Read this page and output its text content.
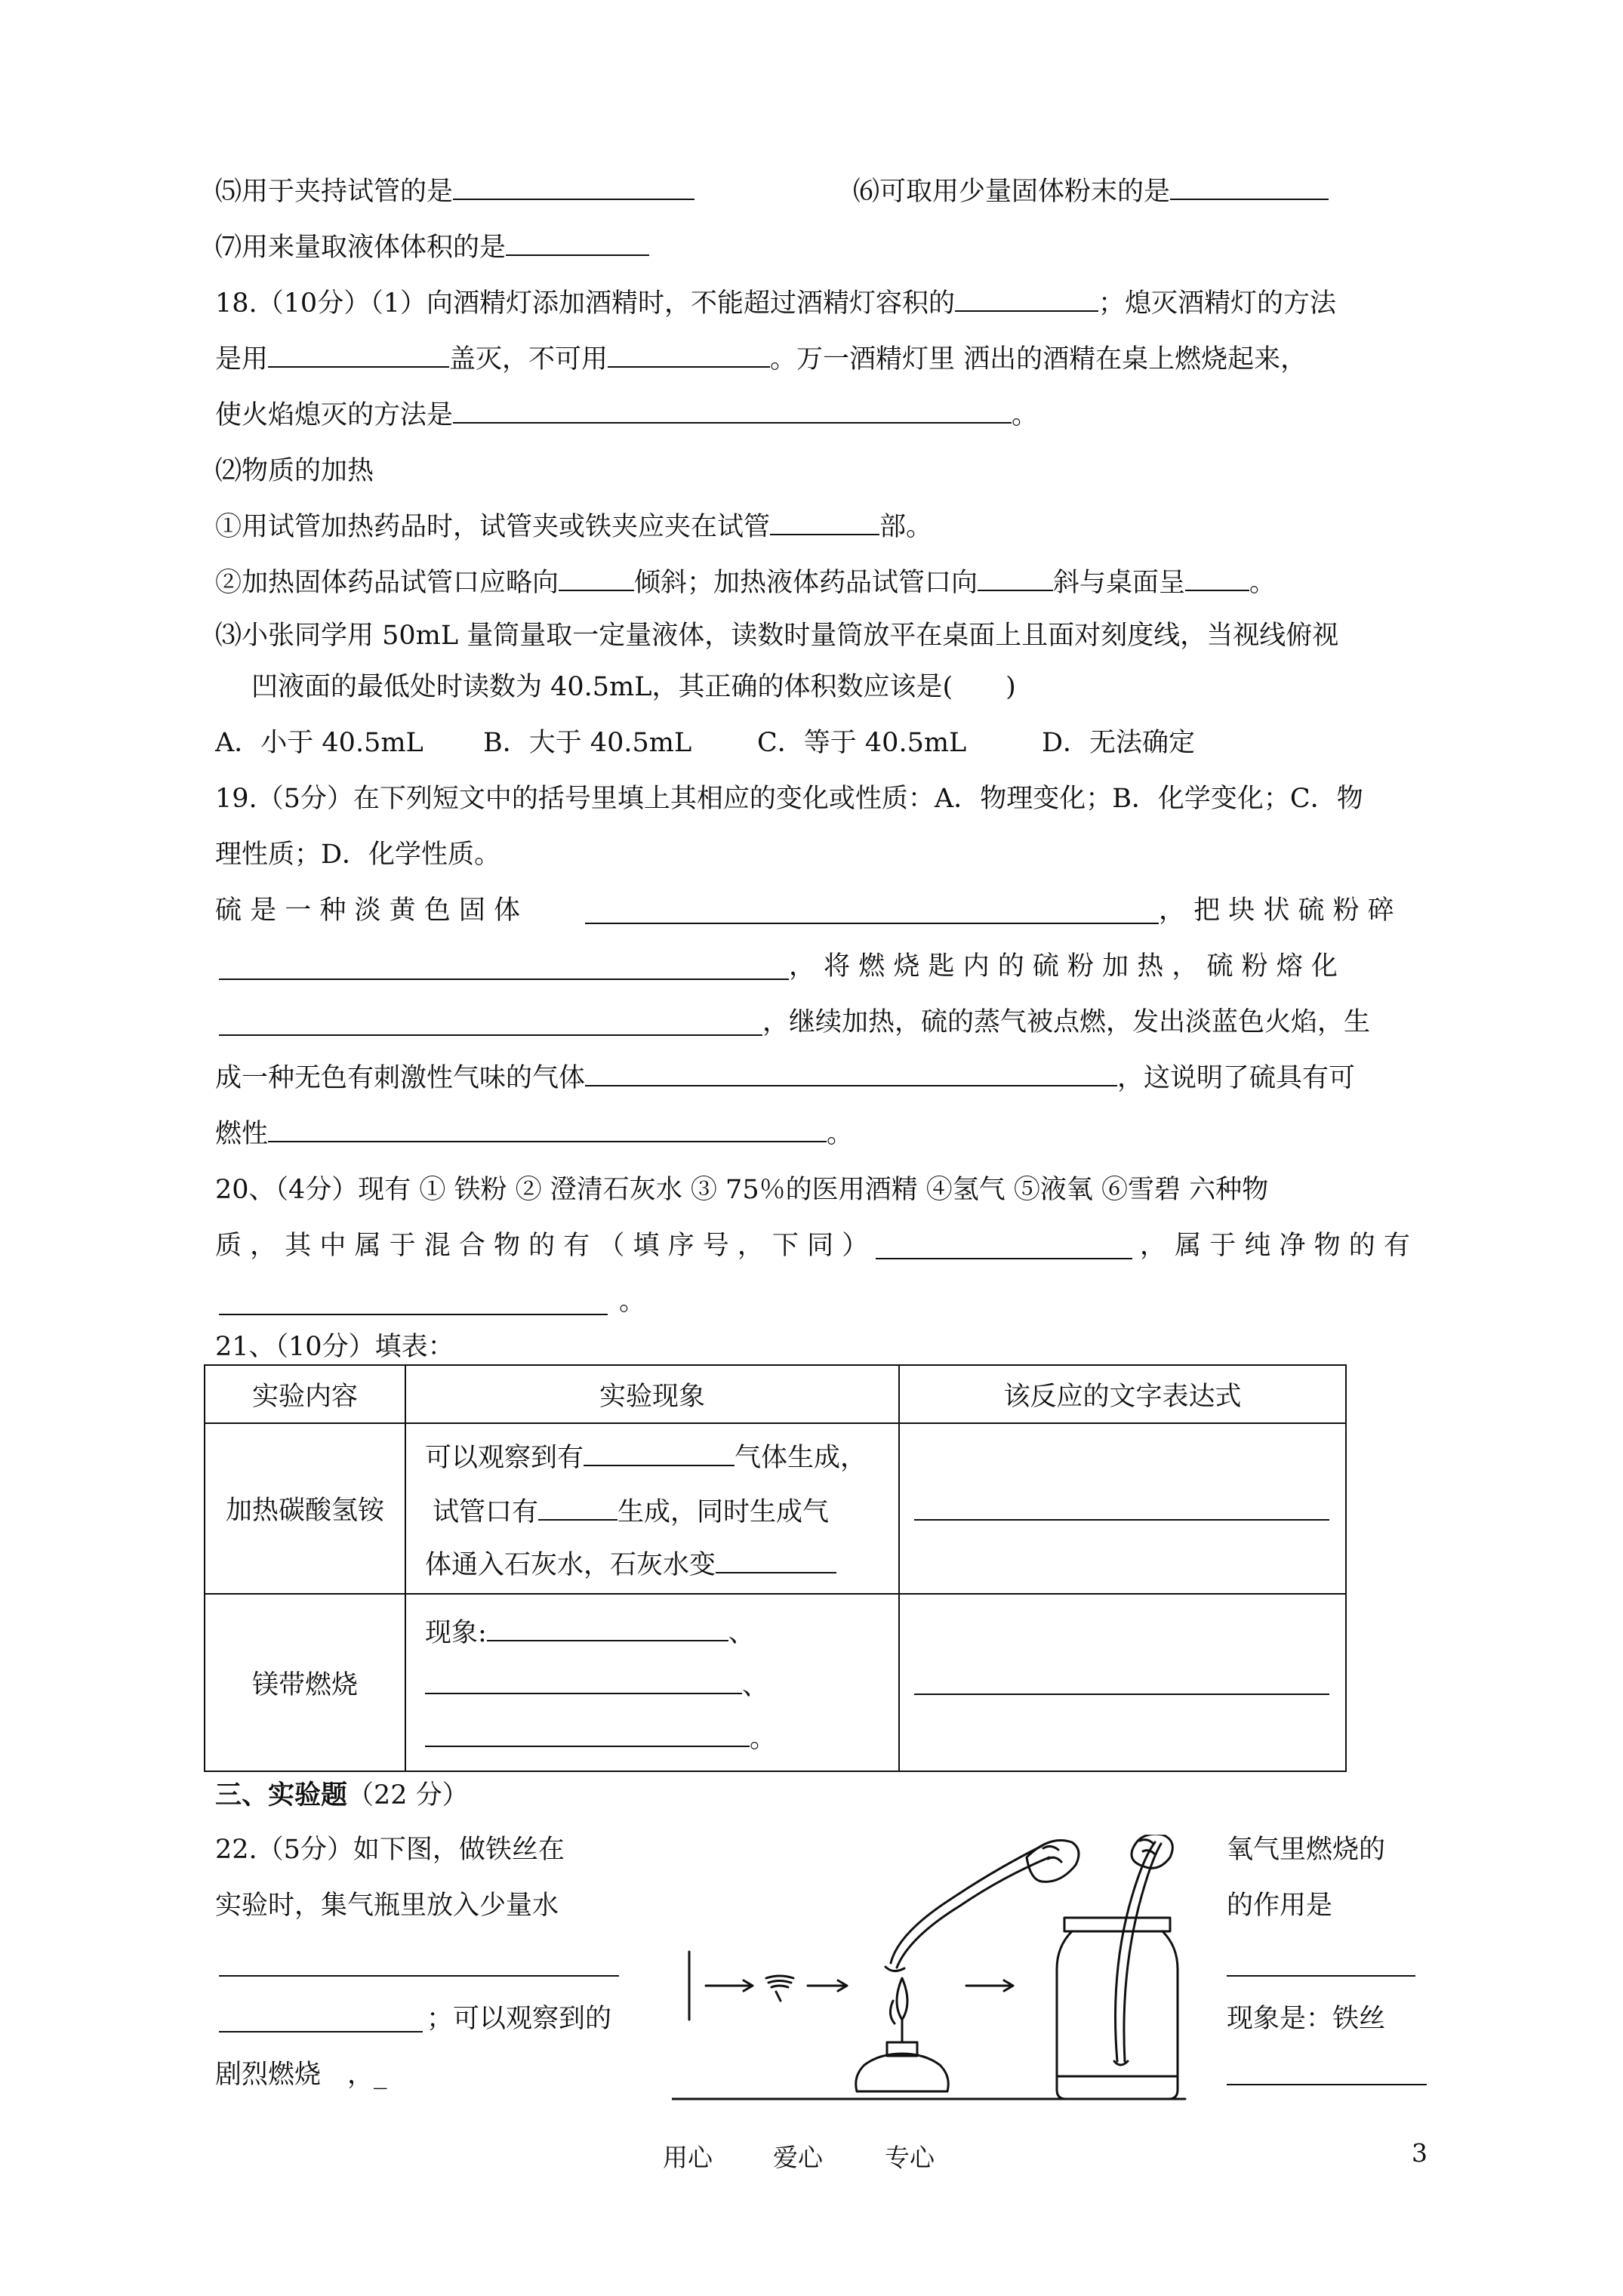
⑸用于夹持试管的是	⑹可取用少量固体粉末的是
⑺用来量取液体体积的是
18.（10分）（1）向酒精灯添加酒精时，不能超过酒精灯容积的	；熄灭酒精灯的方法
是用	盖灭，不可用	。万一酒精灯里 洒出的酒精在桌上燃烧起来，
使火焰熄灭的方法是	。
⑵物质的加热
①用试管加热药品时，试管夹或铁夹应夹在试管	部。
②加热固体药品试管口应略向	倾斜；加热液体药品试管口向	斜与桌面呈 。
⑶小张同学用 50mL 量筒量取一定量液体，读数时量筒放平在桌面上且面对刻度线，当视线俯视
凹液面的最低处时读数为 40.5mL，其正确的体积数应该是(　　)
A．小于 40.5mL B．大于 40.5mL C．等于 40.5mL	D．无法确定
19.（5分）在下列短文中的括号里填上其相应的变化或性质：A．物理变化；B．化学变化；C．物
理性质；D．化学性质。
硫 是 一 种 淡 黄 色 固 体	， 把 块 状 硫 粉 碎
， 将 燃 烧 匙 内 的 硫 粉 加 热 ， 硫 粉 熔 化
，继续加热，硫的蒸气被点燃，发出淡蓝色火焰，生
成一种无色有刺激性气味的气体	，这说明了硫具有可
燃性	。
20、（4分）现有 ① 铁粉 ② 澄清石灰水 ③ 75％的医用酒精 ④氢气 ⑤液氧 ⑥雪碧 六种物
质 ， 其 中 属 于 混 合 物 的 有 （ 填 序 号 ， 下 同 ）	， 属 于 纯 净 物 的 有
。
21、（10分）填表：
实验内容	实验现象	该反应的文字表达式
加热碳酸氢铵	可以观察到有 气体生成，
试管口有 生成，同时生成气
体通入石灰水，石灰水变	

镁带燃烧	现象: 、
、
。	

三、实验题（22 分）
22.（5分）如下图，做铁丝在
实验时，集气瓶里放入少量水
；可以观察到的
剧烈燃烧　，_
氧气里燃烧的
的作用是
现象是：铁丝
用心 爱心 专心	3
